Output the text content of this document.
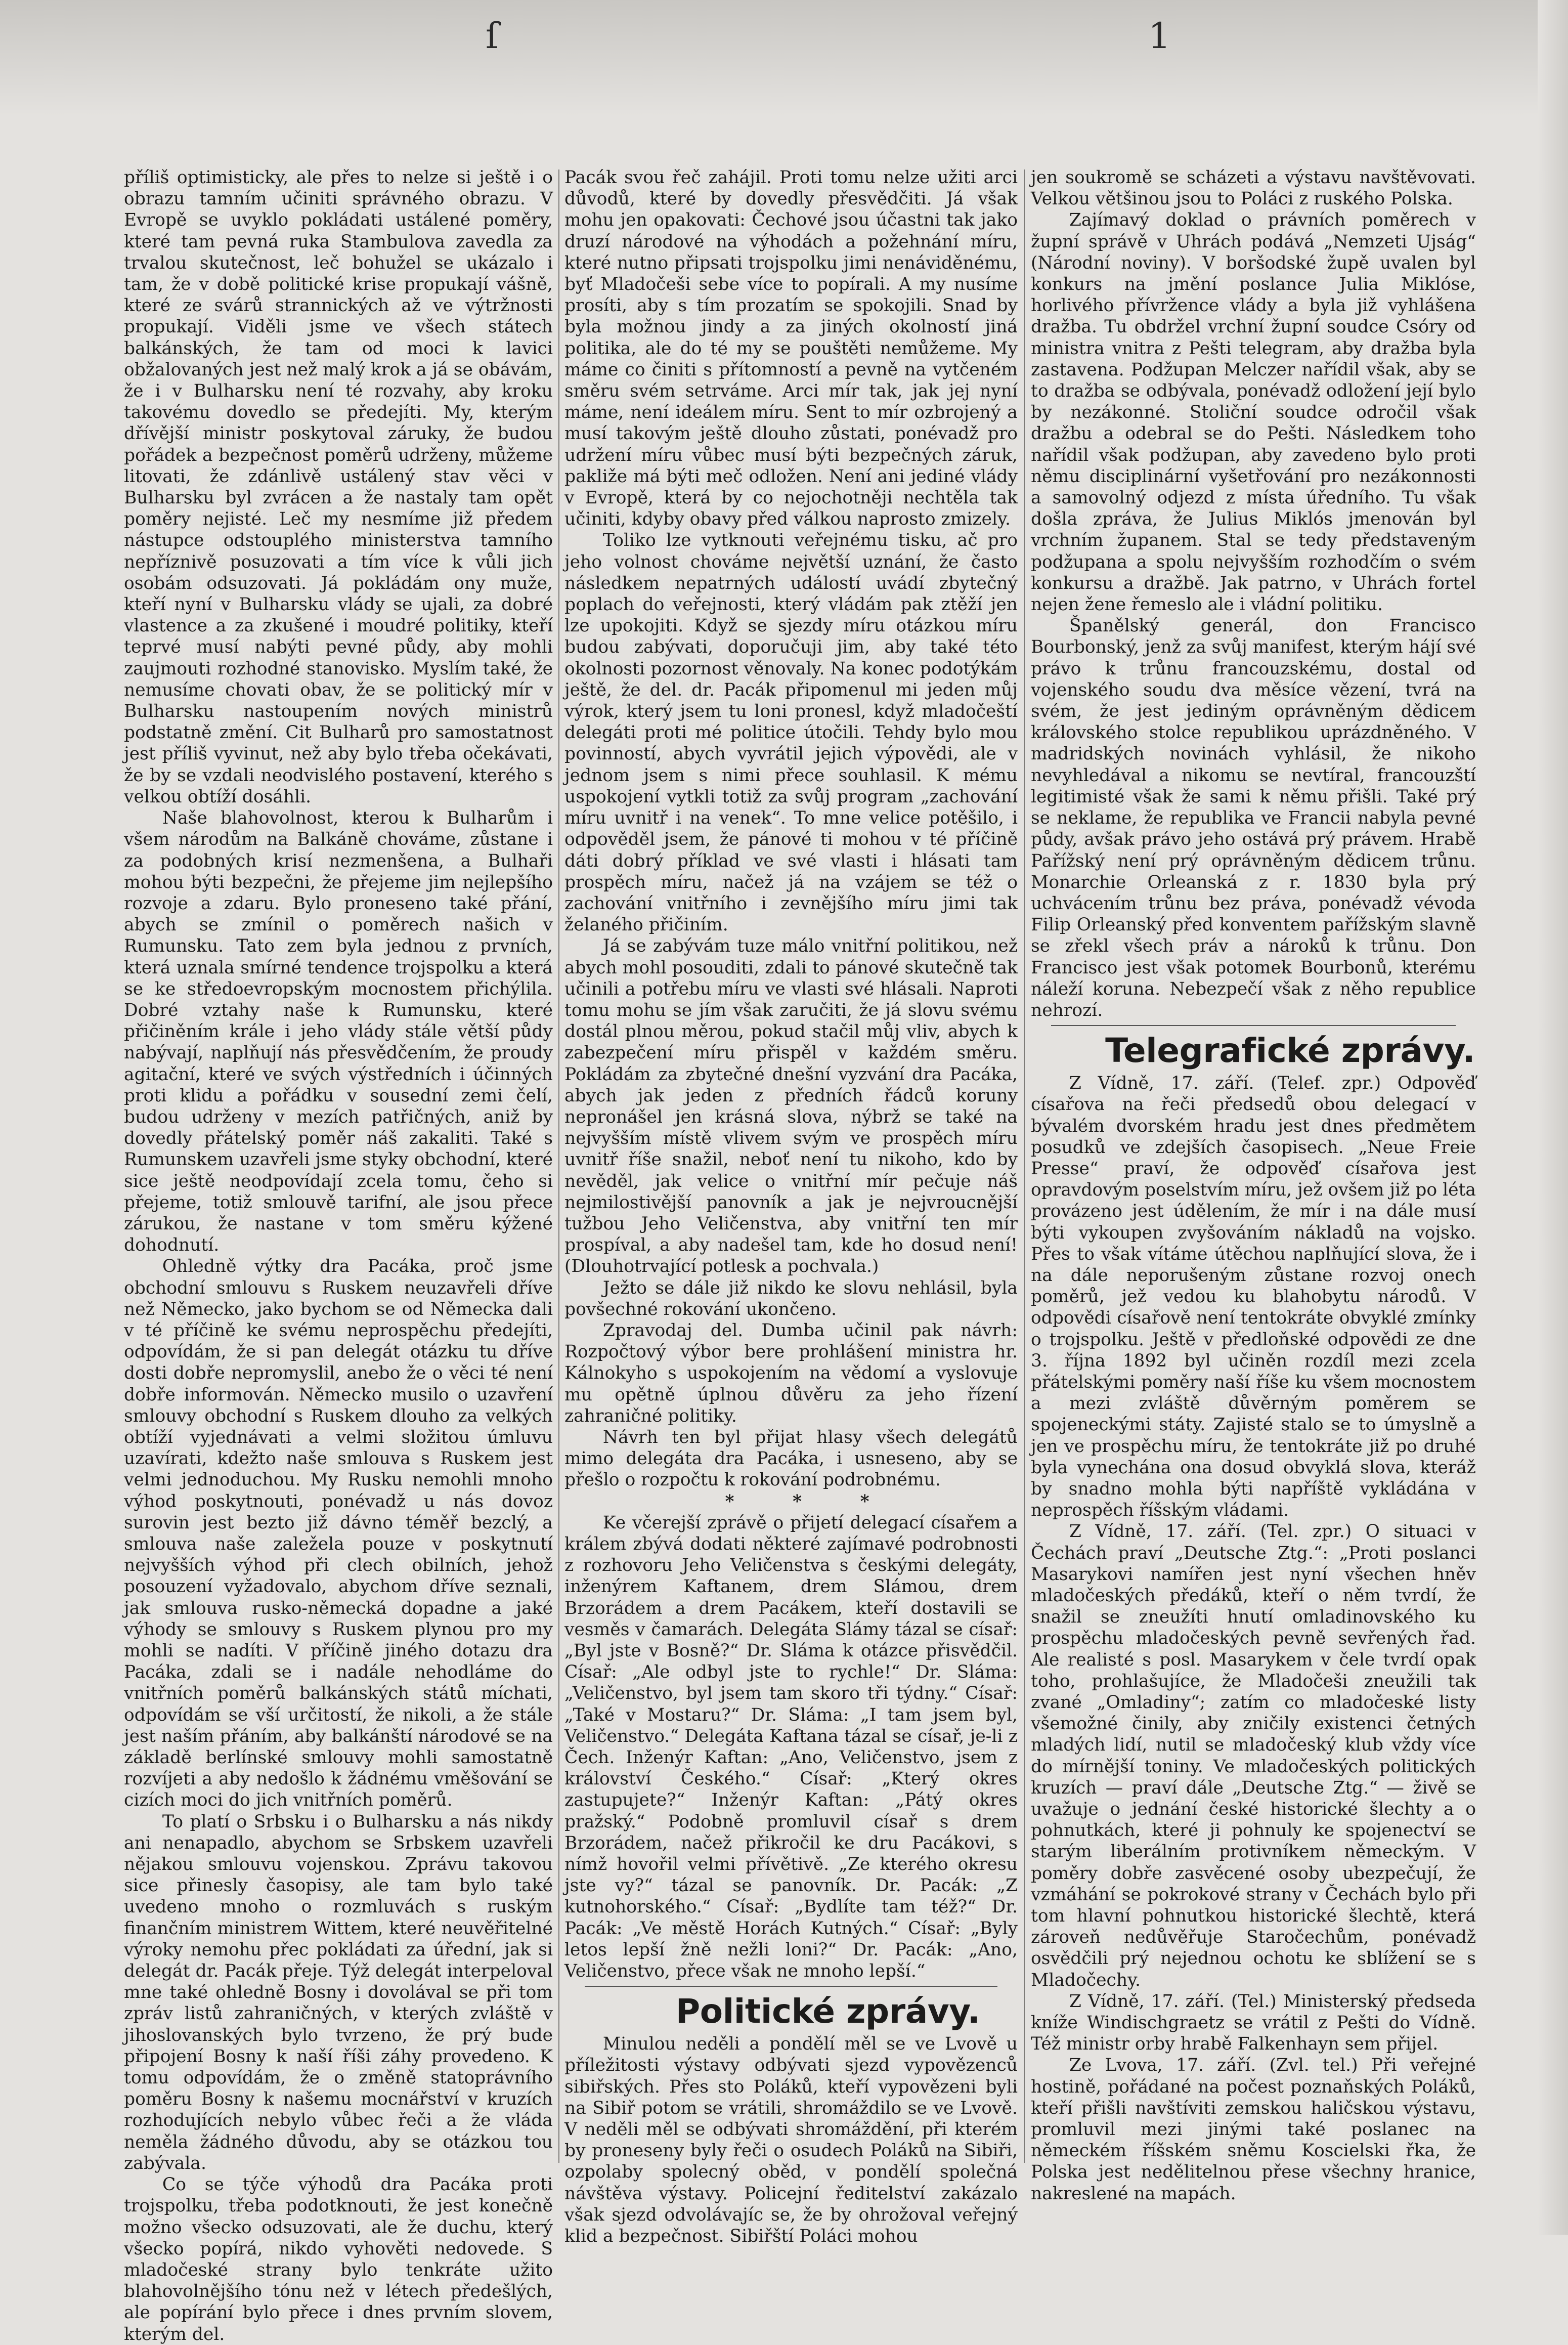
ſ	1

příliš optimisticky, ale přes to nelze si ještě i o obrazu tamním učiniti správného obrazu. V Evropě se uvyklo pokládati ustálené poměry, které tam pevná ruka Stambulova zavedla za trvalou skutečnost, leč bohužel se ukázalo i tam, že v době politické krise propukají vášně, které ze svárů strannických až ve výtržnosti propukají. Viděli jsme ve všech státech balkánských, že tam od moci k lavici obžalovaných jest než malý krok a já se obávám, že i v Bulharsku není té rozvahy, aby kroku takovému dovedlo se předejíti. My, kterým dřívější ministr poskytoval záruky, že budou pořádek a bezpečnost poměrů udrženy, můžeme litovati, že zdánlivě ustálený stav věci v Bulharsku byl zvrácen a že nastaly tam opět poměry nejisté. Leč my nesmíme již předem nástupce odstouplého ministerstva tamního nepříznivě posuzovati a tím více k vůli jich osobám odsuzovati. Já pokládám ony muže, kteří nyní v Bulharsku vlády se ujali, za dobré vlastence a za zkušené i moudré politiky, kteří teprvé musí nabýti pevné půdy, aby mohli zaujmouti rozhodné stanovisko. Myslím také, že nemusíme chovati obav, že se politický mír v Bulharsku nastoupením nových ministrů podstatně změní. Cit Bulharů pro samostatnost jest příliš vyvinut, než aby bylo třeba očekávati, že by se vzdali neodvislého postavení, kterého s velkou obtíží dosáhli.

Naše blahovolnost, kterou k Bulharům i všem národům na Balkáně chováme, zůstane i za podobných krisí nezmenšena, a Bulhaři mohou býti bezpečni, že přejeme jim nejlepšího rozvoje a zdaru. Bylo proneseno také přání, abych se zmínil o poměrech našich v Rumunsku. Tato zem byla jednou z prvních, která uznala smírné tendence trojspolku a která se ke středoevropským mocnostem přichýlila. Dobré vztahy naše k Rumunsku, které přičiněním krále i jeho vlády stále větší půdy nabývají, naplňují nás přesvědčením, že proudy agitační, které ve svých výstředních i účinných proti klidu a pořádku v sousední zemi čelí, budou udrženy v mezích patřičných, aniž by dovedly přátelský poměr náš zakaliti. Také s Rumunskem uzavřeli jsme styky obchodní, které sice ještě neodpovídají zcela tomu, čeho si přejeme, totiž smlouvě tarifní, ale jsou přece zárukou, že nastane v tom směru kýžené dohodnutí.

Ohledně výtky dra Pacáka, proč jsme obchodní smlouvu s Ruskem neuzavřeli dříve než Německo, jako bychom se od Německa dali v té příčině ke svému neprospěchu předejíti, odpovídám, že si pan delegát otázku tu dříve dosti dobře nepromyslil, anebo že o věci té není dobře informován. Německo musilo o uzavření smlouvy obchodní s Ruskem dlouho za velkých obtíží vyjednávati a velmi složitou úmluvu uzavírati, kdežto naše smlouva s Ruskem jest velmi jednoduchou. My Rusku nemohli mnoho výhod poskytnouti, ponévadž u nás dovoz surovin jest bezto již dávno téměř bezclý, a smlouva naše zaležela pouze v poskytnutí nejvyšších výhod při clech obilních, jehož posouzení vyžadovalo, abychom dříve seznali, jak smlouva rusko-německá dopadne a jaké výhody se smlouvy s Ruskem plynou pro my mohli se nadíti. V příčině jiného dotazu dra Pacáka, zdali se i nadále nehodláme do vnitřních poměrů balkánských států míchati, odpovídám se vší určitostí, že nikoli, a že stále jest naším přáním, aby balkánští národové se na základě berlínské smlouvy mohli samostatně rozvíjeti a aby nedošlo k žádnému vměšování se cizích moci do jich vnitřních poměrů.

To platí o Srbsku i o Bulharsku a nás nikdy ani nenapadlo, abychom se Srbskem uzavřeli nějakou smlouvu vojenskou. Zprávu takovou sice přinesly časopisy, ale tam bylo také uvedeno mnoho o rozmluvách s ruským finančním ministrem Wittem, které neuvěřitelné výroky nemohu přec pokládati za úřední, jak si delegát dr. Pacák přeje. Týž delegát interpeloval mne také ohledně Bosny i dovolával se při tom zpráv listů zahraničných, v kterých zvláště v jihoslovanských bylo tvrzeno, že prý bude připojení Bosny k naší říši záhy provedeno. K tomu odpovídám, že o změně statoprávního poměru Bosny k našemu mocnářství v kruzích rozhodujících nebylo vůbec řeči a že vláda neměla žádného důvodu, aby se otázkou tou zabývala.

Co se týče výhodů dra Pacáka proti trojspolku, třeba podotknouti, že jest konečně možno všecko odsuzovati, ale že duchu, který všecko popírá, nikdo vyhověti nedovede. S mladočeské strany bylo tenkráte užito blahovolnějšího tónu než v létech předešlých, ale popírání bylo přece i dnes prvním slovem, kterým del.

Pacák svou řeč zahájil. Proti tomu nelze užiti arci důvodů, které by dovedly přesvědčiti. Já však mohu jen opakovati: Čechové jsou účastni tak jako druzí národové na výhodách a požehnání míru, které nutno připsati trojspolku jimi nenáviděnému, byť Mladočeši sebe více to popírali. A my nusíme prosíti, aby s tím prozatím se spokojili. Snad by byla možnou jindy a za jiných okolností jiná politika, ale do té my se pouštěti nemůžeme. My máme co činiti s přítomností a pevně na vytčeném směru svém setrváme. Arci mír tak, jak jej nyní máme, není ideálem míru. Sent to mír ozbrojený a musí takovým ještě dlouho zůstati, ponévadž pro udržení míru vůbec musí býti bezpečných záruk, pakliže má býti meč odložen. Není ani jediné vlády v Evropě, která by co nejochotněji nechtěla tak učiniti, kdyby obavy před válkou naprosto zmizely.

Toliko lze vytknouti veřejnému tisku, ač pro jeho volnost chováme největší uznání, že často následkem nepatrných událostí uvádí zbytečný poplach do veřejnosti, který vládám pak ztěží jen lze upokojiti. Když se sjezdy míru otázkou míru budou zabývati, doporučuji jim, aby také této okolnosti pozornost věnovaly. Na konec podotýkám ještě, že del. dr. Pacák připomenul mi jeden můj výrok, který jsem tu loni pronesl, když mladočeští delegáti proti mé politice útočili. Tehdy bylo mou povinností, abych vyvrátil jejich výpovědi, ale v jednom jsem s nimi přece souhlasil. K mému uspokojení vytkli totiž za svůj program „zachování míru uvnitř i na venek“. To mne velice potěšilo, i odpověděl jsem, že pánové ti mohou v té příčině dáti dobrý příklad ve své vlasti i hlásati tam prospěch míru, načež já na vzájem se též o zachování vnitřního i zevnějšího míru jimi tak želaného přičiním.

Já se zabývám tuze málo vnitřní politikou, než abych mohl posouditi, zdali to pánové skutečně tak učinili a potřebu míru ve vlasti své hlásali. Naproti tomu mohu se jím však zaručiti, že já slovu svému dostál plnou měrou, pokud stačil můj vliv, abych k zabezpečení míru přispěl v každém směru. Pokládám za zbytečné dnešní vyzvání dra Pacáka, abych jak jeden z předních řádců koruny nepronášel jen krásná slova, nýbrž se také na nejvyšším místě vlivem svým ve prospěch míru uvnitř říše snažil, neboť není tu nikoho, kdo by nevěděl, jak velice o vnitřní mír pečuje náš nejmilostivější panovník a jak je nejvroucnější tužbou Jeho Veličenstva, aby vnitřní ten mír prospíval, a aby nadešel tam, kde ho dosud není! (Dlouhotrvající potlesk a pochvala.)

Ježto se dále již nikdo ke slovu nehlásil, byla povšechné rokování ukončeno.

Zpravodaj del. Dumba učinil pak návrh: Rozpočtový výbor bere prohlášení ministra hr. Kálnokyho s uspokojením na vědomí a vyslovuje mu opětně úplnou důvěru za jeho řízení zahraničné politiky.

Návrh ten byl přijat hlasy všech delegátů mimo delegáta dra Pacáka, i usneseno, aby se přešlo o rozpočtu k rokování podrobnému.

* * *

Ke včerejší zprávě o přijetí delegací císařem a králem zbývá dodati některé zajímavé podrobnosti z rozhovoru Jeho Veličenstva s českými delegáty, inženýrem Kaftanem, drem Slámou, drem Brzorádem a drem Pacákem, kteří dostavili se vesměs v čamarách. Delegáta Slámy tázal se císař: „Byl jste v Bosně?“ Dr. Sláma k otázce přisvědčil. Císař: „Ale odbyl jste to rychle!“ Dr. Sláma: „Veličenstvo, byl jsem tam skoro tři týdny.“ Císař: „Také v Mostaru?“ Dr. Sláma: „I tam jsem byl, Veličenstvo.“ Delegáta Kaftana tázal se císař, je-li z Čech. Inženýr Kaftan: „Ano, Veličenstvo, jsem z království Českého.“ Císař: „Který okres zastupujete?“ Inženýr Kaftan: „Pátý okres pražský.“ Podobně promluvil císař s drem Brzorádem, načež přikročil ke dru Pacákovi, s nímž hovořil velmi přívětivě. „Ze kterého okresu jste vy?“ tázal se panovník. Dr. Pacák: „Z kutnohorského.“ Císař: „Bydlíte tam též?“ Dr. Pacák: „Ve městě Horách Kutných.“ Císař: „Byly letos lepší žně nežli loni?“ Dr. Pacák: „Ano, Veličenstvo, přece však ne mnoho lepší.“

Politické zprávy.

Minulou neděli a pondělí měl se ve Lvově u příležitosti výstavy odbývati sjezd vypovězenců sibiřských. Přes sto Poláků, kteří vypovězeni byli na Sibiř potom se vrátili, shromáždilo se ve Lvově. V neděli měl se odbývati shromáždění, při kterém by proneseny byly řeči o osudech Poláků na Sibiři, ozpolaby spolecný oběd, v pondělí společná návštěva výstavy. Policejní ředitelství zakázalo však sjezd odvolávajíc se, že by ohrožoval veřejný klid a bezpečnost. Sibiřští Poláci mohou

jen soukromě se scházeti a výstavu navštěvovati. Velkou většinou jsou to Poláci z ruského Polska.

Zajímavý doklad o právních poměrech v župní správě v Uhrách podává „Nemzeti Ujság“ (Národní noviny). V boršodské župě uvalen byl konkurs na jmění poslance Julia Miklóse, horlivého přívržence vlády a byla již vyhlášena dražba. Tu obdržel vrchní župní soudce Csóry od ministra vnitra z Pešti telegram, aby dražba byla zastavena. Podžupan Melczer nařídil však, aby se to dražba se odbývala, ponévadž odložení její bylo by nezákonné. Stoliční soudce odročil však dražbu a odebral se do Pešti. Následkem toho nařídil však podžupan, aby zavedeno bylo proti němu disciplinární vyšetřování pro nezákonnosti a samovolný odjezd z místa úředního. Tu však došla zpráva, že Julius Miklós jmenován byl vrchním županem. Stal se tedy představeným podžupana a spolu nejvyšším rozhodčím o svém konkursu a dražbě. Jak patrno, v Uhrách fortel nejen žene řemeslo ale i vládní politiku.

Španělský generál, don Francisco Bourbonský, jenž za svůj manifest, kterým hájí své právo k trůnu francouzskému, dostal od vojenského soudu dva měsíce vězení, tvrá na svém, že jest jediným oprávněným dědicem královského stolce republikou uprázdněného. V madridských novinách vyhlásil, že nikoho nevyhledával a nikomu se nevtíral, francouzští legitimisté však že sami k němu přišli. Také prý se neklame, že republika ve Francii nabyla pevné půdy, avšak právo jeho ostává prý právem. Hrabě Pařížský není prý oprávněným dědicem trůnu. Monarchie Orleanská z r. 1830 byla prý uchvácením trůnu bez práva, ponévadž vévoda Filip Orleanský před konventem pařížským slavně se zřekl všech práv a nároků k trůnu. Don Francisco jest však potomek Bourbonů, kterému náleží koruna. Nebezpečí však z něho republice nehrozí.

Telegrafické zprávy.

Z Vídně, 17. září. (Telef. zpr.) Odpověď císařova na řeči předsedů obou delegací v bývalém dvorském hradu jest dnes předmětem posudků ve zdejších časopisech. „Neue Freie Presse“ praví, že odpověď císařova jest opravdovým poselstvím míru, jež ovšem již po léta provázeno jest údělením, že mír i na dále musí býti vykoupen zvyšováním nákladů na vojsko. Přes to však vítáme útěchou naplňující slova, že i na dále neporušeným zůstane rozvoj onech poměrů, jež vedou ku blahobytu národů. V odpovědi císařově není tentokráte obvyklé zmínky o trojspolku. Ještě v předloňské odpovědi ze dne 3. října 1892 byl učiněn rozdíl mezi zcela přátelskými poměry naší říše ku všem mocnostem a mezi zvláště důvěrným poměrem se spojeneckými státy. Zajisté stalo se to úmyslně a jen ve prospěchu míru, že tentokráte již po druhé byla vynechána ona dosud obvyklá slova, kteráž by snadno mohla býti napříště vykládána v neprospěch říšským vládami.

Z Vídně, 17. září. (Tel. zpr.) O situaci v Čechách praví „Deutsche Ztg.“: „Proti poslanci Masarykovi namířen jest nyní všechen hněv mladočeských předáků, kteří o něm tvrdí, že snažil se zneužíti hnutí omladinovského ku prospěchu mladočeských pevně sevřených řad. Ale realisté s posl. Masarykem v čele tvrdí opak toho, prohlašujíce, že Mladočeši zneužili tak zvané „Omladiny“; zatím co mladočeské listy všemožné činily, aby zničily existenci četných mladých lidí, nutil se mladočeský klub vždy více do mírnější toniny. Ve mladočeských politických kruzích — praví dále „Deutsche Ztg.“ — živě se uvažuje o jednání české historické šlechty a o pohnutkách, které ji pohnuly ke spojenectví se starým liberálním protivníkem německým. V poměry dobře zasvěcené osoby ubezpečují, že vzmáhání se pokrokové strany v Čechách bylo při tom hlavní pohnutkou historické šlechtě, která zároveň nedůvěřuje Staročechům, ponévadž osvědčili prý nejednou ochotu ke sblížení se s Mladočechy.

Z Vídně, 17. září. (Tel.) Ministerský předseda kníže Windischgraetz se vrátil z Pešti do Vídně. Též ministr orby hrabě Falkenhayn sem přijel.

Ze Lvova, 17. září. (Zvl. tel.) Při veřejné hostině, pořádané na počest poznaňských Poláků, kteří přišli navštíviti zemskou haličskou výstavu, promluvil mezi jinými také poslanec na německém říšském sněmu Koscielski řka, že Polska jest nedělitelnou přese všechny hranice, nakreslené na mapách.
